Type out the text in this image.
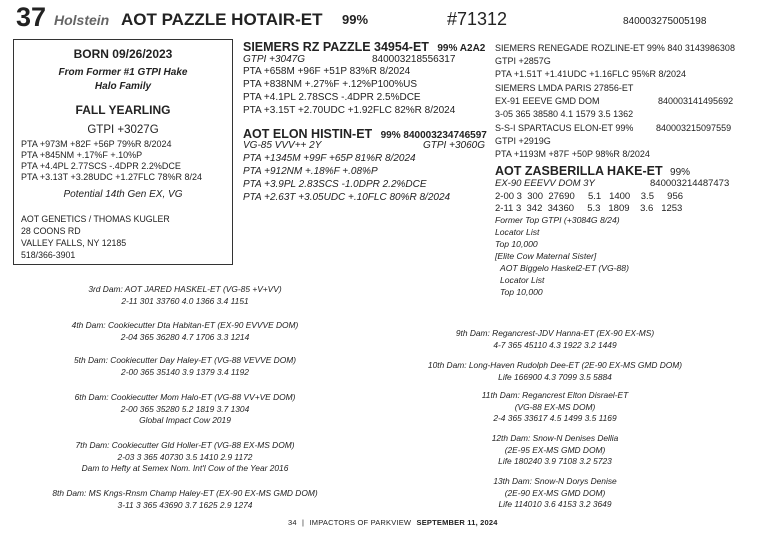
37 Holstein AOT PAZZLE HOTAIR-ET 99%	#71312	840003275005198
BORN 09/26/2023
From Former #1 GTPI Hake
Halo Family
FALL YEARLING
GTPI +3027G
PTA +973M +82F +56P 79%R 8/2024
PTA +845NM +.17%F +.10%P
PTA +4.4PL 2.77SCS -.4DPR 2.2%DCE
PTA +3.13T +3.28UDC +1.27FLC 78%R 8/24
Potential 14th Gen EX, VG
AOT GENETICS / THOMAS KUGLER
28 COONS RD
VALLEY FALLS, NY 12185
518/366-3901
SIEMERS RZ PAZZLE 34954-ET 99% A2A2
GTPI +3047G	840003218556317
PTA +658M +96F +51P 83%R 8/2024
PTA +838NM +.27%F +.12%P100%US
PTA +4.1PL 2.78SCS -.4DPR 2.5%DCE
PTA +3.15T +2.70UDC +1.92FLC 82%R 8/2024
AOT ELON HISTIN-ET 99% 840003234746597
VG-85 VVV++ 2Y	GTPI +3060G
PTA +1345M +99F +65P 81%R 8/2024
PTA +912NM +.18%F +.08%P
PTA +3.9PL 2.83SCS -1.0DPR 2.2%DCE
PTA +2.63T +3.05UDC +.10FLC 80%R 8/2024
SIEMERS RENEGADE ROZLINE-ET 99% 840 3143986308
GTPI +2857G
PTA +1.51T +1.41UDC +1.16FLC 95%R 8/2024
SIEMERS LMDA PARIS 27856-ET
EX-91 EEEVE GMD DOM	840003141495692
3-05 365 38580 4.1 1579 3.5 1362
S-S-I SPARTACUS ELON-ET 99%	840003215097559
GTPI +2919G
PTA +1193M +87F +50P 98%R 8/2024
AOT ZASBERILLA HAKE-ET 99%
EX-90 EEEVV DOM 3Y	840003214487473
2-00 3  300  27690     5.1   1400    3.5     956
2-11 3  342  34360     5.3   1809    3.6   1253
Former Top GTPI (+3084G 8/24)
Locator List
Top 10,000
[Elite Cow Maternal Sister]
AOT Biggelo Haskel2-ET (VG-88)
Locator List
Top 10,000
3rd Dam: AOT JARED HASKEL-ET (VG-85 +V+VV)
2-11 301 33760 4.0 1366 3.4 1151
4th Dam: Cookiecutter Dta Habitan-ET (EX-90 EVVVE DOM)
2-04 365 36280 4.7 1706 3.3 1214
5th Dam: Cookiecutter Day Haley-ET (VG-88 VEVVE DOM)
2-00 365 35140 3.9 1379 3.4 1192
6th Dam: Cookiecutter Mom Halo-ET (VG-88 VV+VE DOM)
2-00 365 35280 5.2 1819 3.7 1304
Global Impact Cow 2019
7th Dam: Cookiecutter Gld Holler-ET (VG-88 EX-MS DOM)
2-03 3 365 40730 3.5 1410 2.9 1172
Dam to Hefty at Semex Nom. Int'l Cow of the Year 2016
8th Dam: MS Kngs-Rnsm Champ Haley-ET (EX-90 EX-MS GMD DOM)
3-11 3 365 43690 3.7 1625 2.9 1274
9th Dam: Regancrest-JDV Hanna-ET (EX-90 EX-MS)
4-7 365 45110 4.3 1922 3.2 1449
10th Dam: Long-Haven Rudolph Dee-ET (2E-90 EX-MS GMD DOM)
Life 166900 4.3 7099 3.5 5884
11th Dam: Regancrest Elton Disrael-ET
(VG-88 EX-MS DOM)
2-4 365 33617 4.5 1499 3.5 1169
12th Dam: Snow-N Denises Dellia
(2E-95 EX-MS GMD DOM)
Life 180240 3.9 7108 3.2 5723
13th Dam: Snow-N Dorys Denise
(2E-90 EX-MS GMD DOM)
Life 114010 3.6 4153 3.2 3649
34 | IMPACTORS OF PARKVIEW SEPTEMBER 11, 2024
